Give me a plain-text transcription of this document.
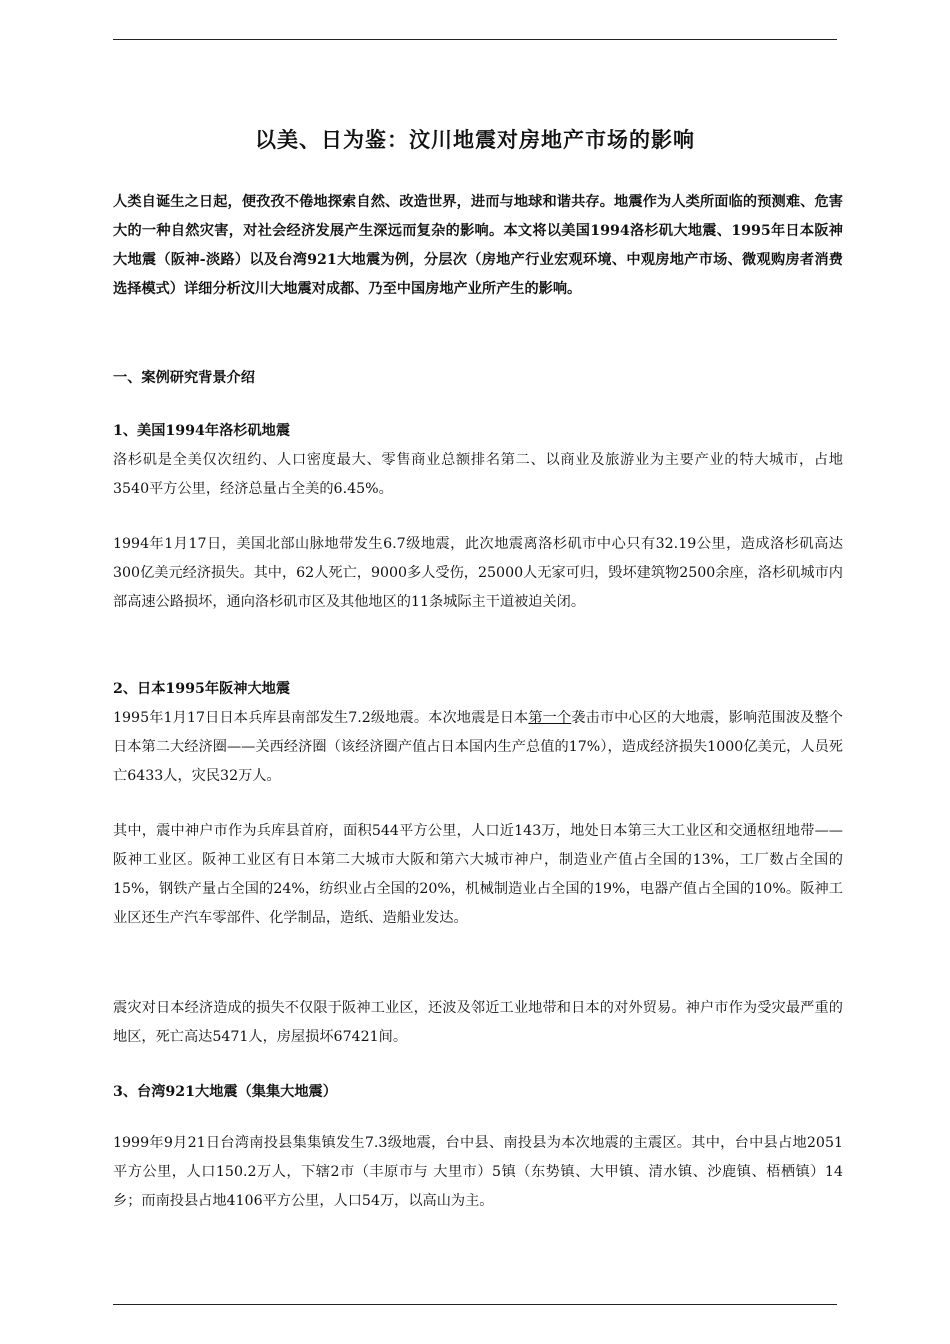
以美、日为鉴：汶川地震对房地产市场的影响

人类自诞生之日起，便孜孜不倦地探索自然、改造世界，进而与地球和谐共存。地震作为人类所面临的预测难、危害大的一种自然灾害，对社会经济发展产生深远而复杂的影响。本文将以美国1994洛杉矶大地震、1995年日本阪神大地震（阪神-淡路）以及台湾921大地震为例，分层次（房地产行业宏观环境、中观房地产市场、微观购房者消费选择模式）详细分析汶川大地震对成都、乃至中国房地产业所产生的影响。

一、案例研究背景介绍

1、美国1994年洛杉矶地震

洛杉矶是全美仅次纽约、人口密度最大、零售商业总额排名第二、以商业及旅游业为主要产业的特大城市，占地3540平方公里，经济总量占全美的6.45%。

1994年1月17日，美国北部山脉地带发生6.7级地震，此次地震离洛杉矶市中心只有32.19公里，造成洛杉矶高达300亿美元经济损失。其中，62人死亡，9000多人受伤，25000人无家可归，毁坏建筑物2500余座，洛杉矶城市内部高速公路损坏，通向洛杉矶市区及其他地区的11条城际主干道被迫关闭。

2、日本1995年阪神大地震

1995年1月17日日本兵库县南部发生7.2级地震。本次地震是日本第一个袭击市中心区的大地震，影响范围波及整个日本第二大经济圈——关西经济圈（该经济圈产值占日本国内生产总值的17%），造成经济损失1000亿美元，人员死亡6433人，灾民32万人。

其中，震中神户市作为兵库县首府，面积544平方公里，人口近143万，地处日本第三大工业区和交通枢纽地带——阪神工业区。阪神工业区有日本第二大城市大阪和第六大城市神户，制造业产值占全国的13%，工厂数占全国的15%，钢铁产量占全国的24%，纺织业占全国的20%，机械制造业占全国的19%，电器产值占全国的10%。阪神工业区还生产汽车零部件、化学制品，造纸、造船业发达。

震灾对日本经济造成的损失不仅限于阪神工业区，还波及邻近工业地带和日本的对外贸易。神户市作为受灾最严重的地区，死亡高达5471人，房屋损坏67421间。

3、台湾921大地震（集集大地震）

1999年9月21日台湾南投县集集镇发生7.3级地震，台中县、南投县为本次地震的主震区。其中，台中县占地2051平方公里，人口150.2万人，下辖2市（丰原市与 大里市）5镇（东势镇、大甲镇、清水镇、沙鹿镇、梧栖镇）14乡；而南投县占地4106平方公里，人口54万，以高山为主。
